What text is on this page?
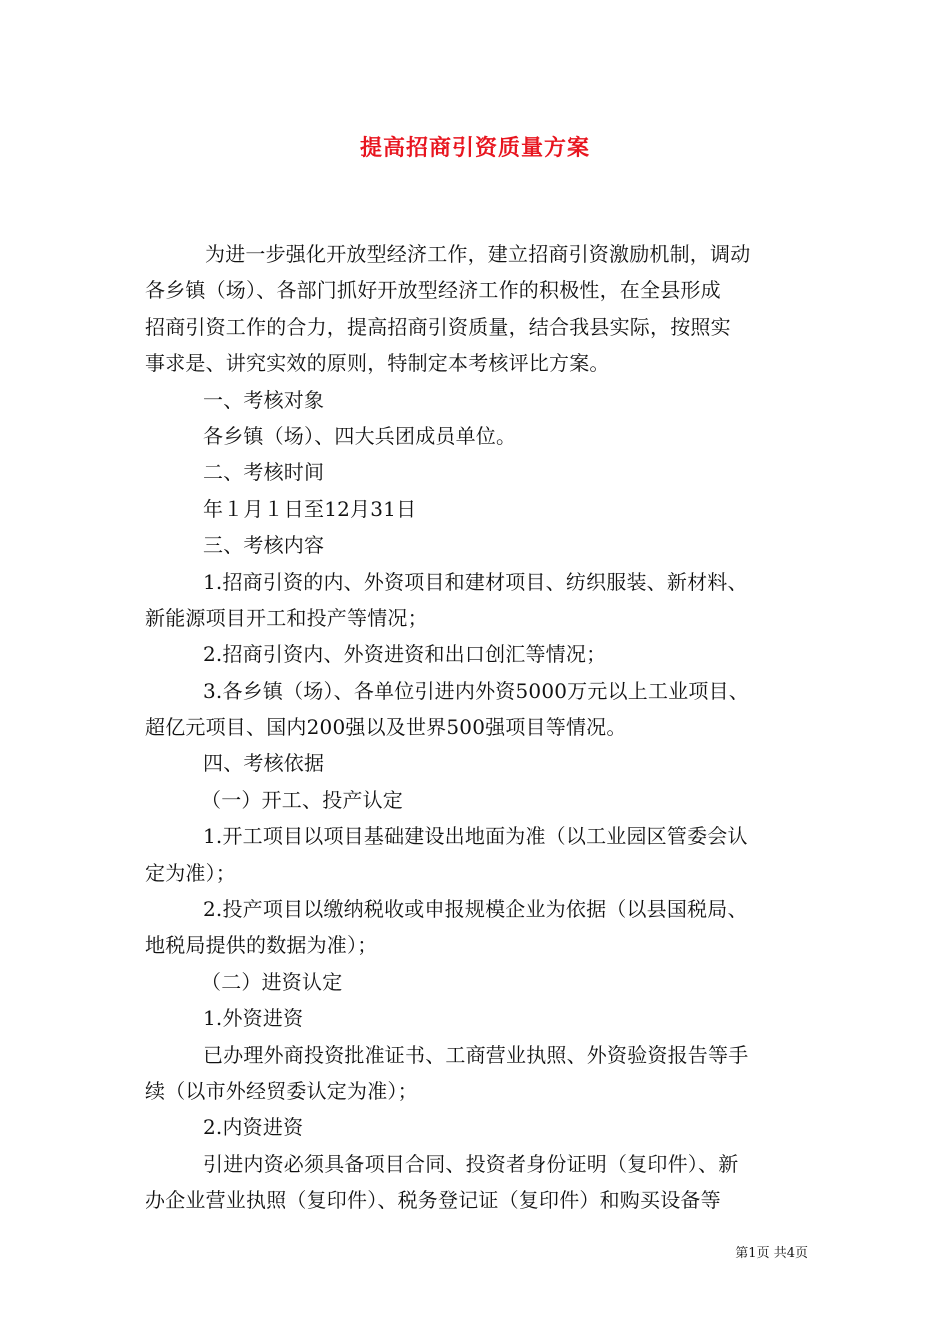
提高招商引资质量方案
为进一步强化开放型经济工作，建立招商引资激励机制，调动
各乡镇（场）、各部门抓好开放型经济工作的积极性，在全县形成
招商引资工作的合力，提高招商引资质量，结合我县实际，按照实
事求是、讲究实效的原则，特制定本考核评比方案。
一、考核对象
各乡镇（场）、四大兵团成员单位。
二、考核时间
年１月１日至12月31日
三、考核内容
1.招商引资的内、外资项目和建材项目、纺织服装、新材料、
新能源项目开工和投产等情况；
2.招商引资内、外资进资和出口创汇等情况；
3.各乡镇（场）、各单位引进内外资5000万元以上工业项目、
超亿元项目、国内200强以及世界500强项目等情况。
四、考核依据
（一）开工、投产认定
1.开工项目以项目基础建设出地面为准（以工业园区管委会认
定为准）；
2.投产项目以缴纳税收或申报规模企业为依据（以县国税局、
地税局提供的数据为准）；
（二）进资认定
1.外资进资
已办理外商投资批准证书、工商营业执照、外资验资报告等手
续（以市外经贸委认定为准）；
2.内资进资
引进内资必须具备项目合同、投资者身份证明（复印件）、新
办企业营业执照（复印件）、税务登记证（复印件）和购买设备等
第1页 共4页
